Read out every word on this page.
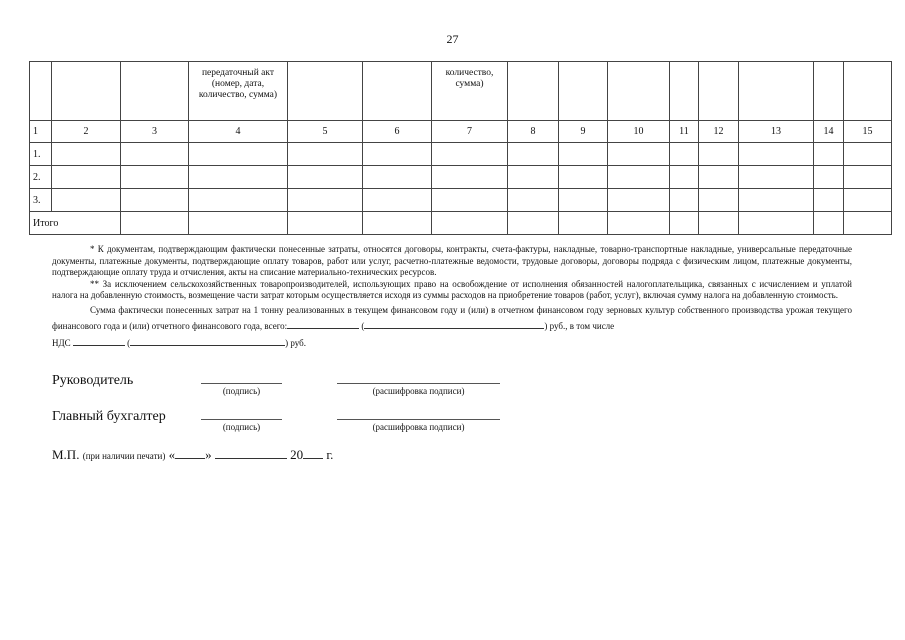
27
			передаточный акт (номер, дата, количество, сумма)			количество, сумма)								
1	2	3	4	5	6	7	8	9	10	11	12	13	14	15
1.														
2.														
3.														
Итого														

* К документам, подтверждающим фактически понесенные затраты, относятся договоры, контракты, счета-фактуры, накладные, товарно-транспортные накладные, универсальные передаточные документы, платежные документы, подтверждающие оплату товаров, работ или услуг, расчетно-платежные ведомости, трудовые договоры, договоры подряда с физическим лицом, платежные документы, подтверждающие оплату труда и отчисления, акты на списание материально-технических ресурсов.

** За исключением сельскохозяйственных товаропроизводителей, использующих право на освобождение от исполнения обязанностей налогоплательщика, связанных с исчислением и уплатой налога на добавленную стоимость, возмещение части затрат которым осуществляется исходя из суммы расходов на приобретение товаров (работ, услуг), включая сумму налога на добавленную стоимость.

Сумма фактически понесенных затрат на 1 тонну реализованных в текущем финансовом году и (или) в отчетном финансовом году зерновых культур собственного производства урожая текущего финансового года и (или) отчетного финансового года, всего:	(	) руб., в том числе

НДС	(	) руб.

Руководитель
(подпись)	(расшифровка подписи)
Главный бухгалтер
(подпись)	(расшифровка подписи)
М.П. (при наличии печати) « »	20 г.
